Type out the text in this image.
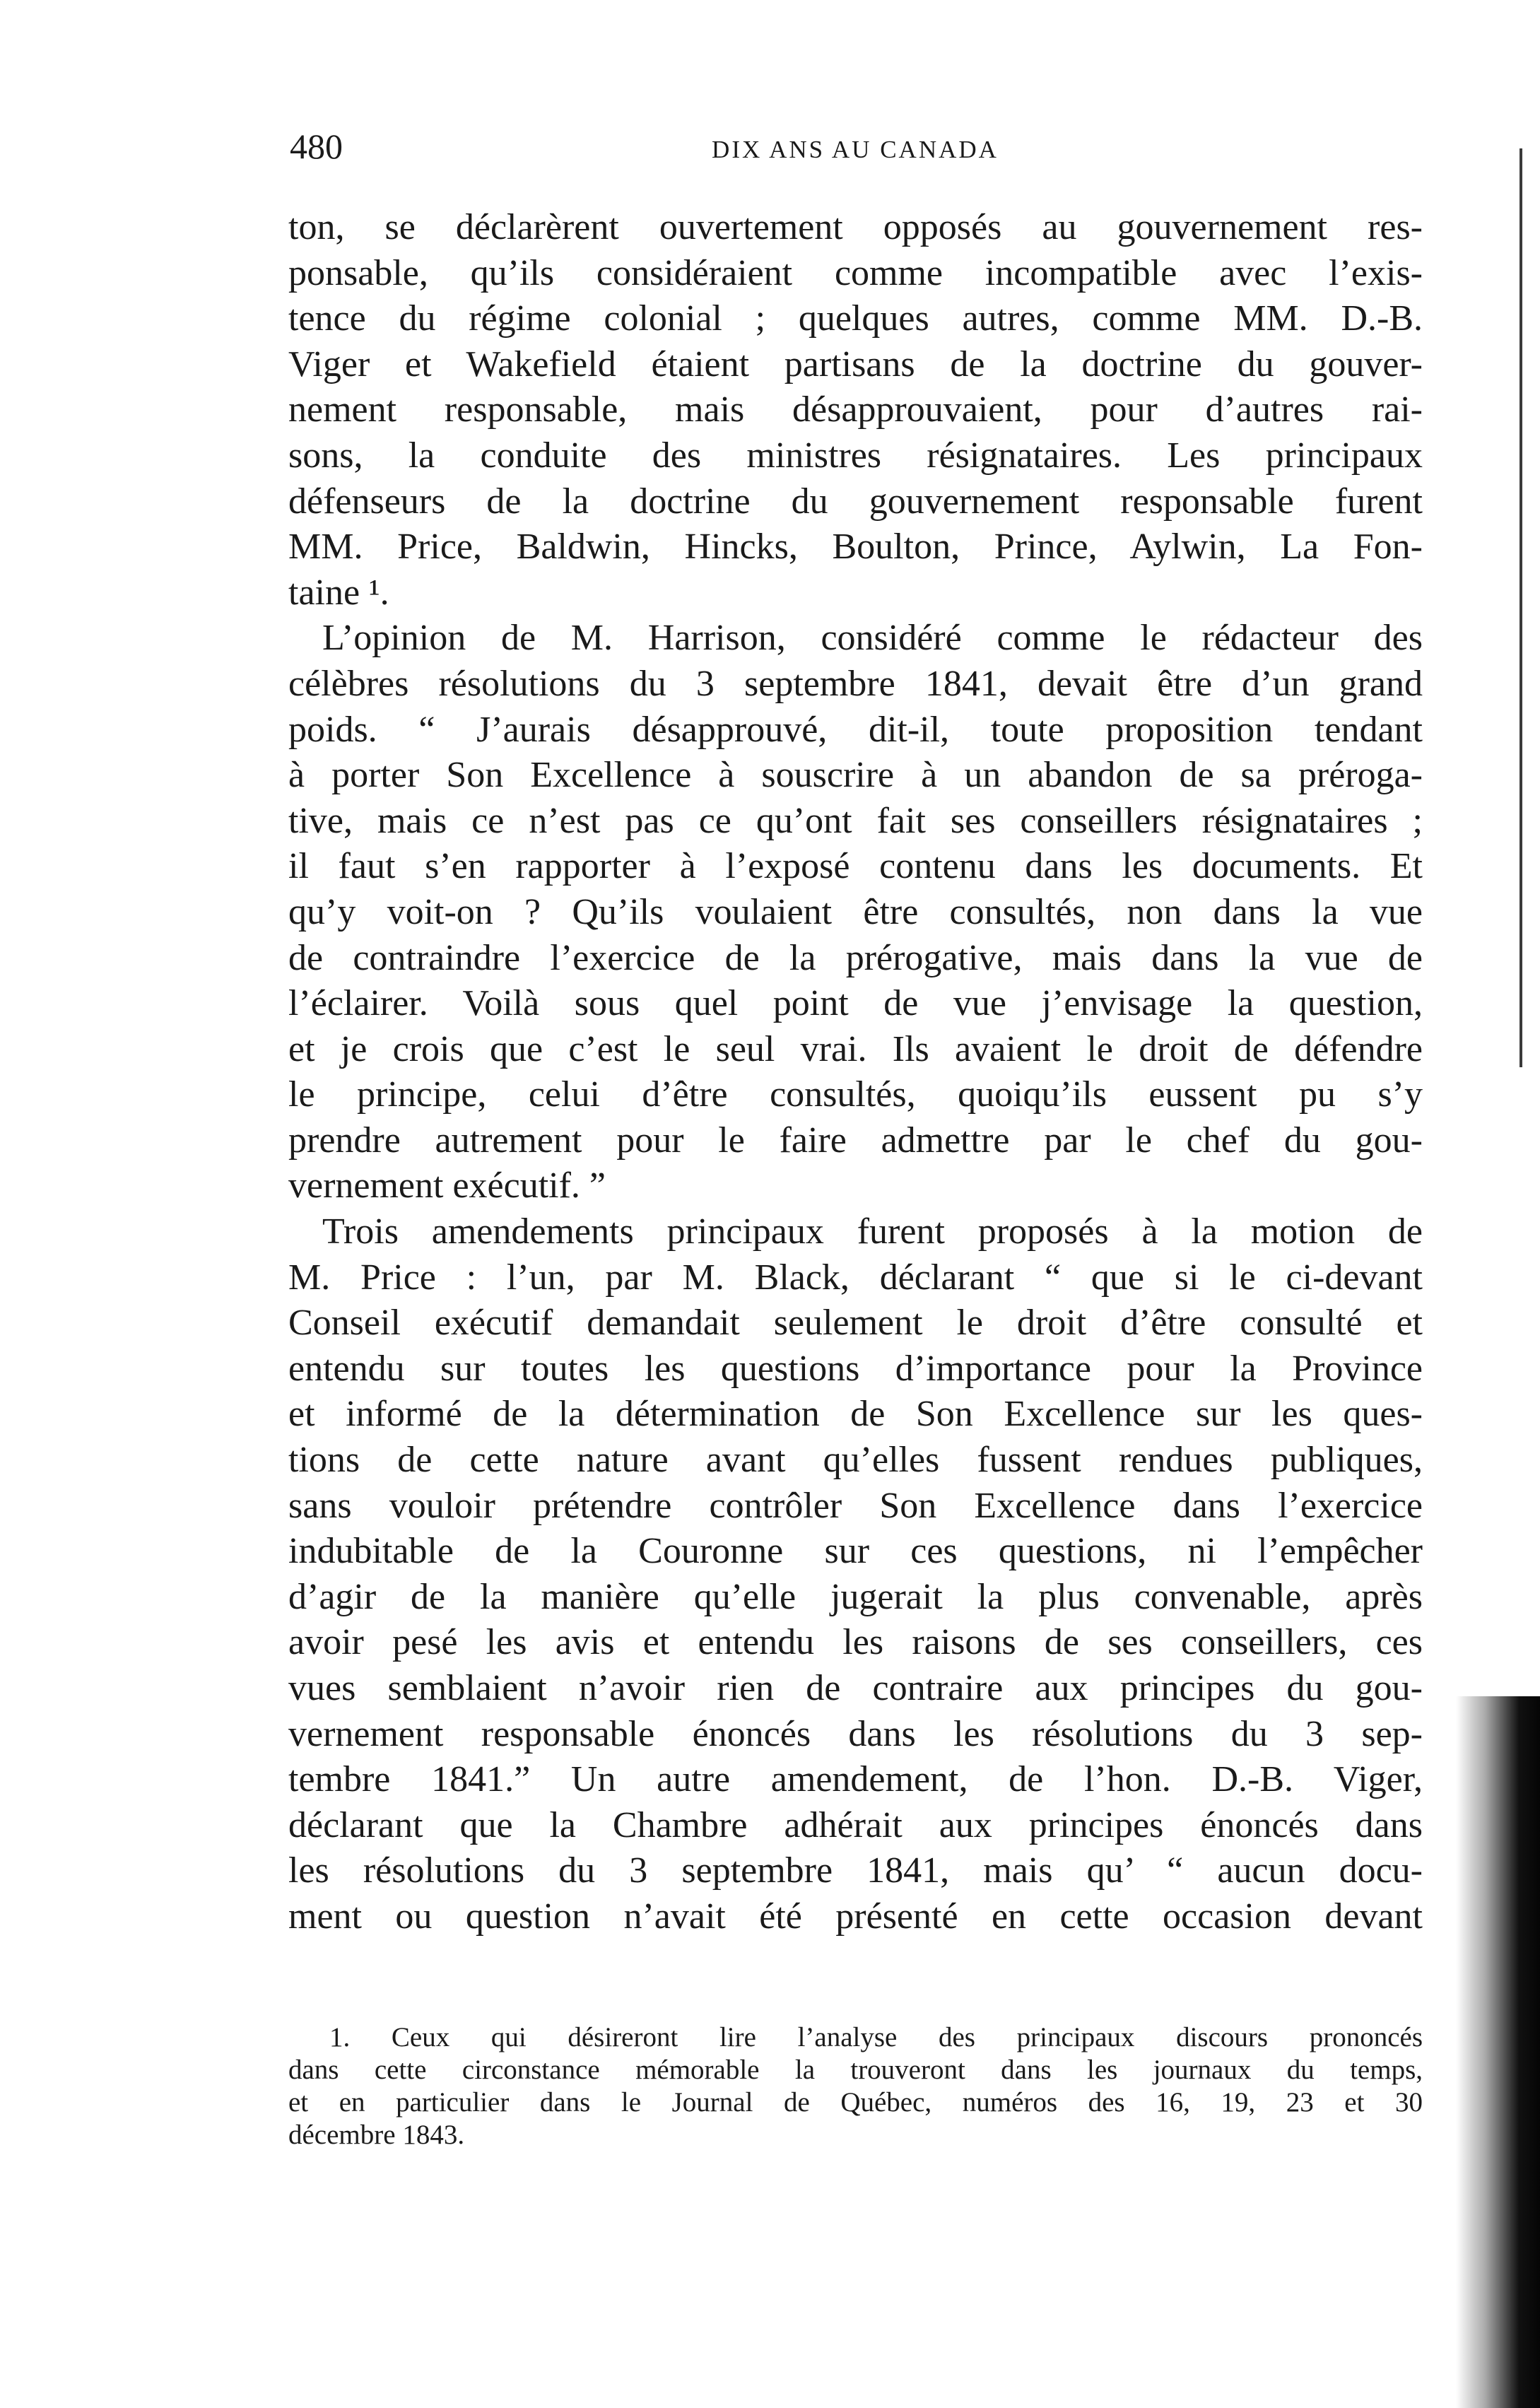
480	DIX ANS AU CANADA
ton, se déclarèrent ouvertement opposés au gouvernement res-
ponsable, qu’ils considéraient comme incompatible avec l’exis-
tence du régime colonial ; quelques autres, comme MM. D.-B.
Viger et Wakefield étaient partisans de la doctrine du gouver-
nement responsable, mais désapprouvaient, pour d’autres rai-
sons, la conduite des ministres résignataires. Les principaux
défenseurs de la doctrine du gouvernement responsable furent
MM. Price, Baldwin, Hincks, Boulton, Prince, Aylwin, La Fon-
taine ¹.
L’opinion de M. Harrison, considéré comme le rédacteur des
célèbres résolutions du 3 septembre 1841, devait être d’un grand
poids. “ J’aurais désapprouvé, dit-il, toute proposition tendant
à porter Son Excellence à souscrire à un abandon de sa préroga-
tive, mais ce n’est pas ce qu’ont fait ses conseillers résignataires ;
il faut s’en rapporter à l’exposé contenu dans les documents. Et
qu’y voit-on ? Qu’ils voulaient être consultés, non dans la vue
de contraindre l’exercice de la prérogative, mais dans la vue de
l’éclairer. Voilà sous quel point de vue j’envisage la question,
et je crois que c’est le seul vrai. Ils avaient le droit de défendre
le principe, celui d’être consultés, quoiqu’ils eussent pu s’y
prendre autrement pour le faire admettre par le chef du gou-
vernement exécutif. ”
Trois amendements principaux furent proposés à la motion de
M. Price : l’un, par M. Black, déclarant “ que si le ci-devant
Conseil exécutif demandait seulement le droit d’être consulté et
entendu sur toutes les questions d’importance pour la Province
et informé de la détermination de Son Excellence sur les ques-
tions de cette nature avant qu’elles fussent rendues publiques,
sans vouloir prétendre contrôler Son Excellence dans l’exercice
indubitable de la Couronne sur ces questions, ni l’empêcher
d’agir de la manière qu’elle jugerait la plus convenable, après
avoir pesé les avis et entendu les raisons de ses conseillers, ces
vues semblaient n’avoir rien de contraire aux principes du gou-
vernement responsable énoncés dans les résolutions du 3 sep-
tembre 1841.” Un autre amendement, de l’hon. D.-B. Viger,
déclarant que la Chambre adhérait aux principes énoncés dans
les résolutions du 3 septembre 1841, mais qu’ “ aucun docu-
ment ou question n’avait été présenté en cette occasion devant
1. Ceux qui désireront lire l’analyse des principaux discours prononcés
dans cette circonstance mémorable la trouveront dans les journaux du temps,
et en particulier dans le Journal de Québec, numéros des 16, 19, 23 et 30
décembre 1843.
